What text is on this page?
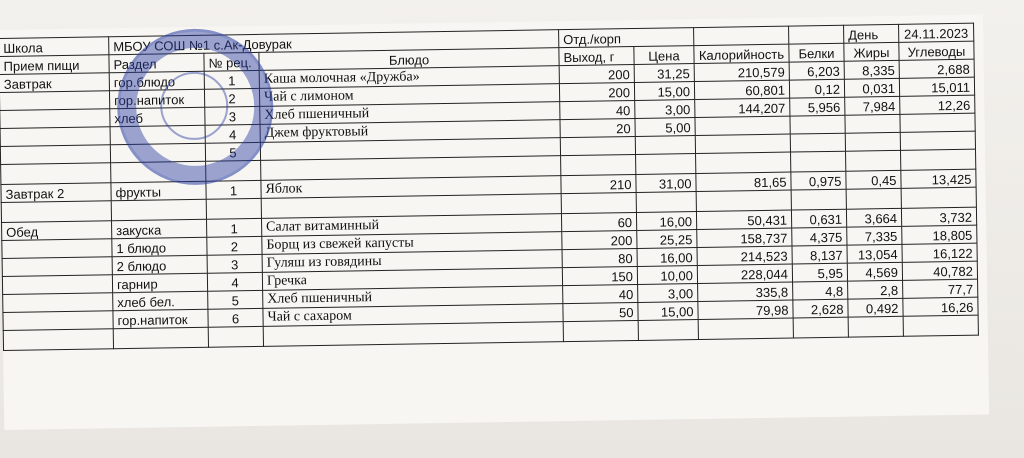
Школа	МБОУ СОШ №1 с.Ак-Довурак			Отд./корп				День	24.11.2023
Прием пищи	Раздел	№ рец.	Блюдо	Выход, г	Цена	Калорийность	Белки	Жиры	Углеводы
Завтрак	гор.блюдо	1	Каша молочная «Дружба»	200	31,25	210,579	6,203	8,335	2,688
	гор.напиток	2	Чай с лимоном	200	15,00	60,801	0,12	0,031	15,011
	хлеб	3	Хлеб пшеничный	40	3,00	144,207	5,956	7,984	12,26
		4	Джем фруктовый	20	5,00				
		5							

Завтрак 2	фрукты	1	Яблок	210	31,00	81,65	0,975	0,45	13,425

Обед	закуска	1	Салат витаминный	60	16,00	50,431	0,631	3,664	3,732
	1 блюдо	2	Борщ из свежей капусты	200	25,25	158,737	4,375	7,335	18,805
	2 блюдо	3	Гуляш из говядины	80	16,00	214,523	8,137	13,054	16,122
	гарнир	4	Гречка	150	10,00	228,044	5,95	4,569	40,782
	хлеб бел.	5	Хлеб пшеничный	40	3,00	335,8	4,8	2,8	77,7
	гор.напиток	6	Чай с сахаром	50	15,00	79,98	2,628	0,492	16,26
